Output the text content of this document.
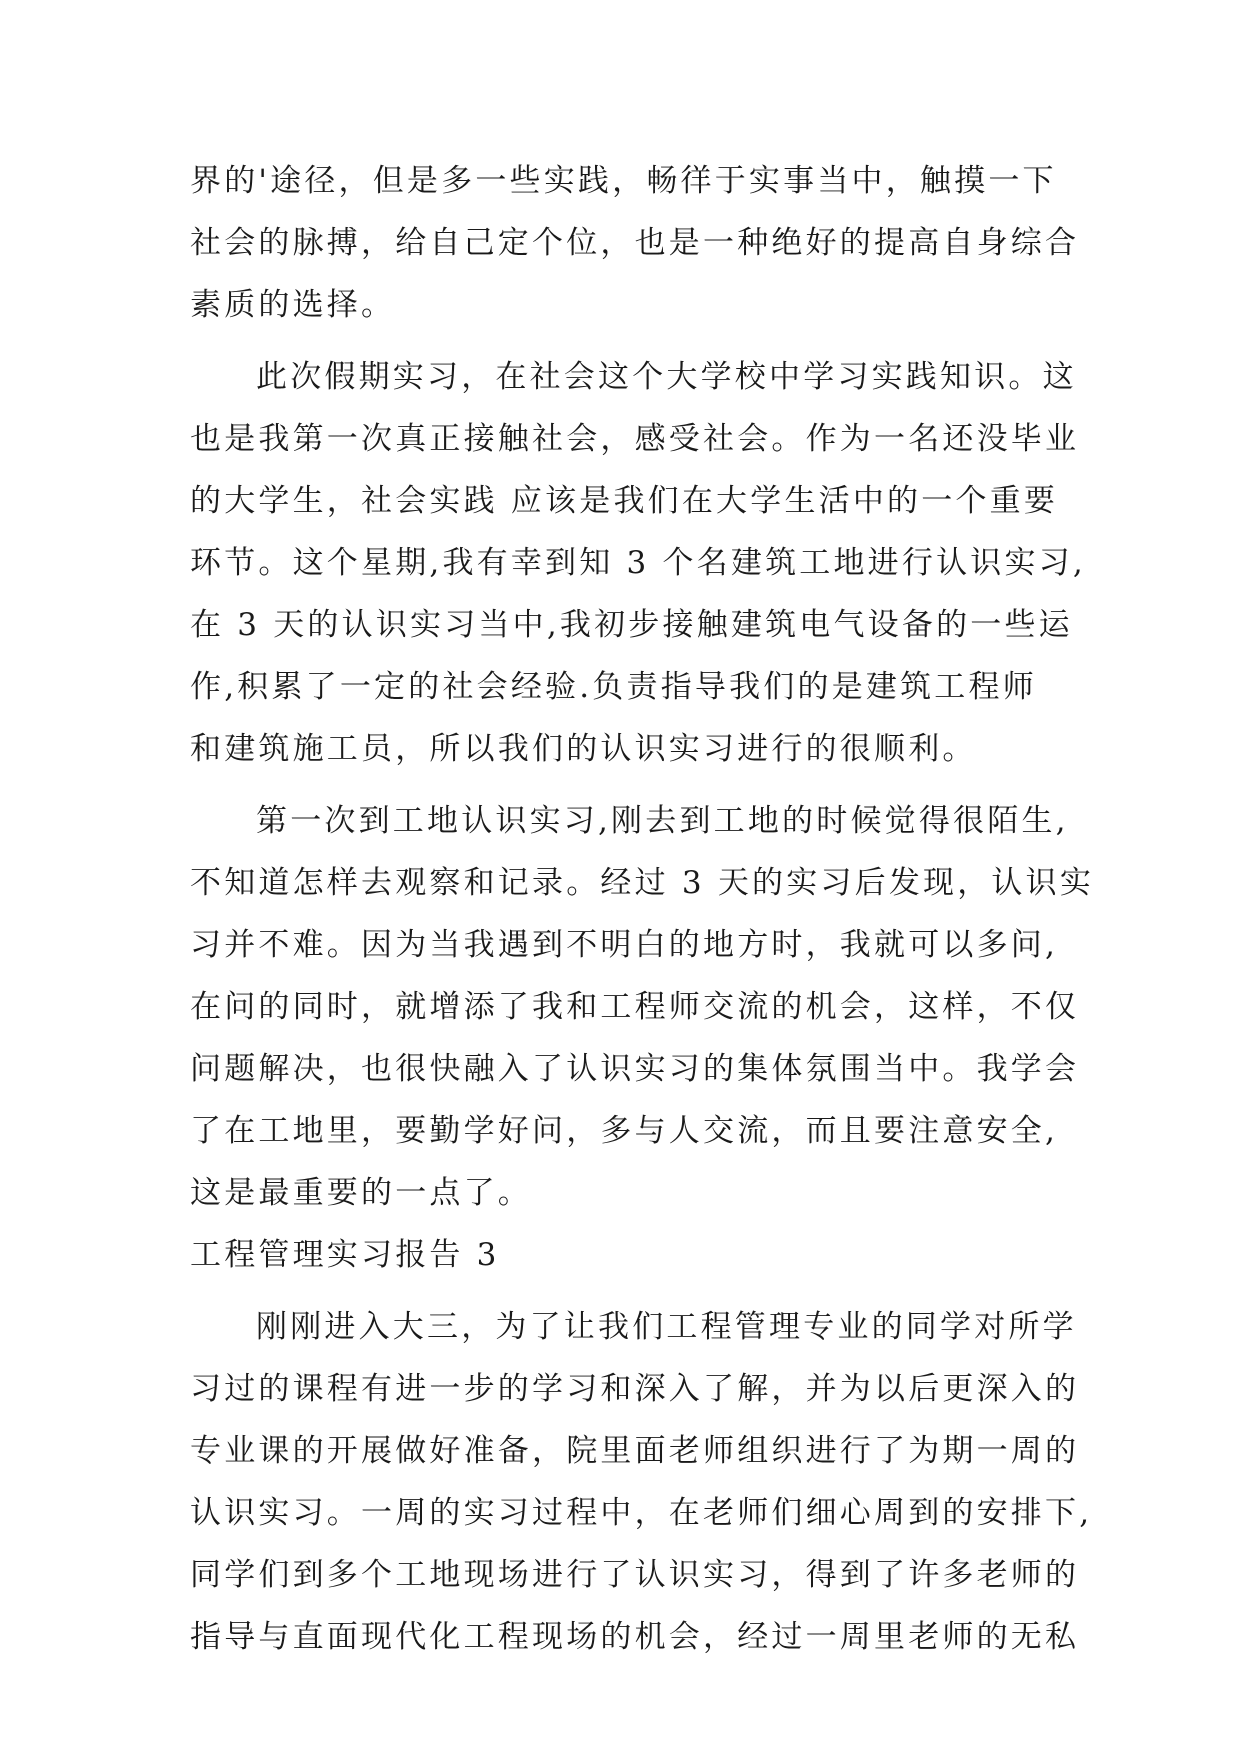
界的'途径，但是多一些实践，畅徉于实事当中，触摸一下
社会的脉搏，给自己定个位，也是一种绝好的提高自身综合
素质的选择。
此次假期实习，在社会这个大学校中学习实践知识。这
也是我第一次真正接触社会，感受社会。作为一名还没毕业
的大学生，社会实践 应该是我们在大学生活中的一个重要
环节。这个星期,我有幸到知 3 个名建筑工地进行认识实习,
在 3 天的认识实习当中,我初步接触建筑电气设备的一些运
作,积累了一定的社会经验.负责指导我们的是建筑工程师
和建筑施工员，所以我们的认识实习进行的很顺利。
第一次到工地认识实习,刚去到工地的时候觉得很陌生,
不知道怎样去观察和记录。经过 3 天的实习后发现，认识实
习并不难。因为当我遇到不明白的地方时，我就可以多问,
在问的同时，就增添了我和工程师交流的机会，这样，不仅
问题解决，也很快融入了认识实习的集体氛围当中。我学会
了在工地里，要勤学好问，多与人交流，而且要注意安全,
这是最重要的一点了。
工程管理实习报告 3
刚刚进入大三，为了让我们工程管理专业的同学对所学
习过的课程有进一步的学习和深入了解，并为以后更深入的
专业课的开展做好准备，院里面老师组织进行了为期一周的
认识实习。一周的实习过程中，在老师们细心周到的安排下,
同学们到多个工地现场进行了认识实习，得到了许多老师的
指导与直面现代化工程现场的机会，经过一周里老师的无私
